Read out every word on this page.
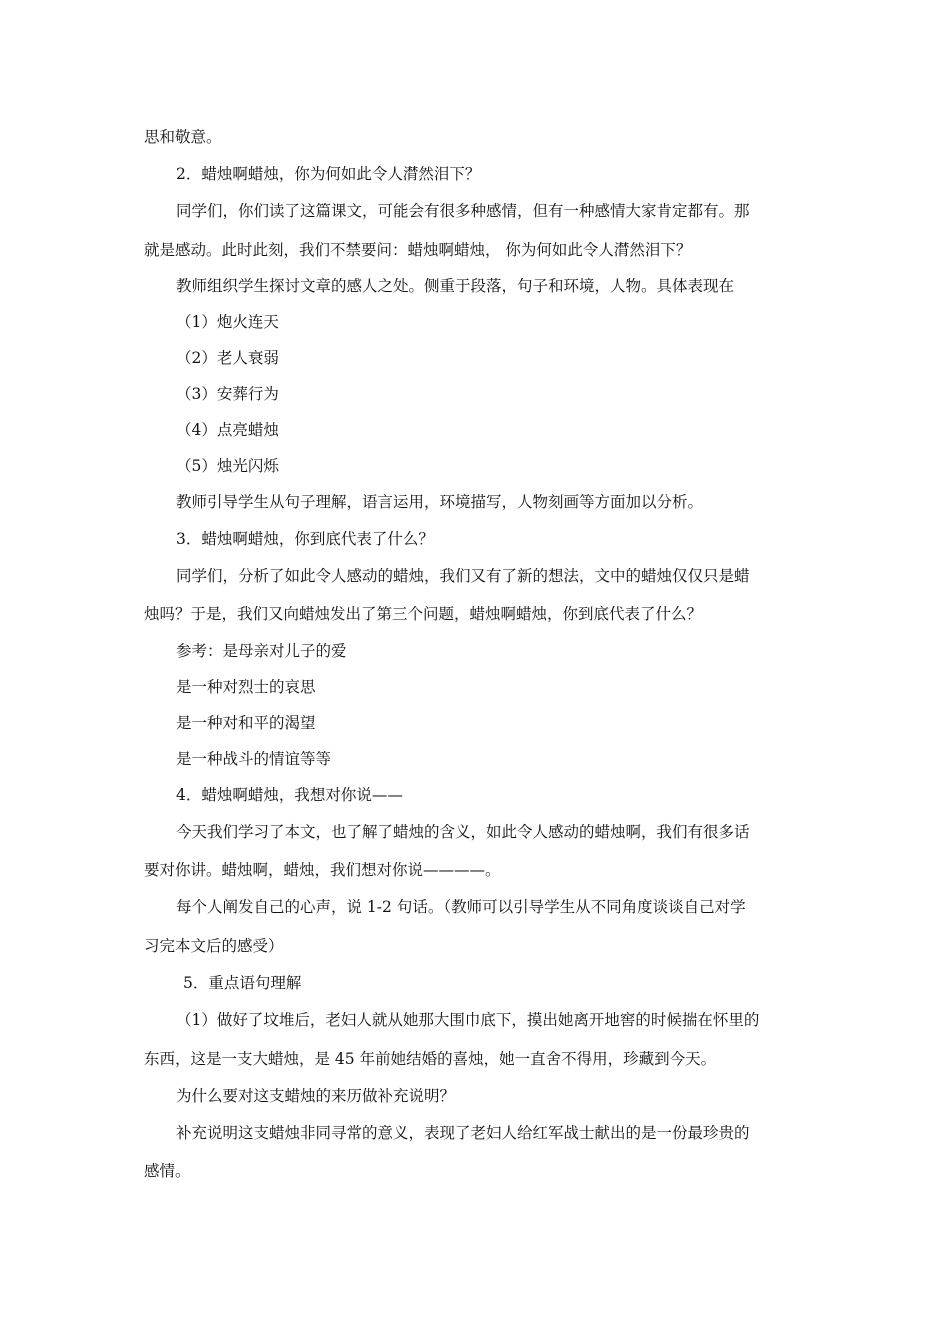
思和敬意。
2．蜡烛啊蜡烛，你为何如此令人潸然泪下？
同学们，你们读了这篇课文，可能会有很多种感情，但有一种感情大家肯定都有。那
就是感动。此时此刻，我们不禁要问：蜡烛啊蜡烛， 你为何如此令人潸然泪下？
教师组织学生探讨文章的感人之处。侧重于段落，句子和环境，人物。具体表现在
（1）炮火连天
（2）老人衰弱
（3）安葬行为
（4）点亮蜡烛
（5）烛光闪烁
教师引导学生从句子理解，语言运用，环境描写，人物刻画等方面加以分析。
3．蜡烛啊蜡烛，你到底代表了什么？
同学们，分析了如此令人感动的蜡烛，我们又有了新的想法，文中的蜡烛仅仅只是蜡
烛吗？于是，我们又向蜡烛发出了第三个问题，蜡烛啊蜡烛，你到底代表了什么？
参考：是母亲对儿子的爱
是一种对烈士的哀思
是一种对和平的渴望
是一种战斗的情谊等等
4．蜡烛啊蜡烛，我想对你说——
今天我们学习了本文，也了解了蜡烛的含义，如此令人感动的蜡烛啊，我们有很多话
要对你讲。蜡烛啊，蜡烛，我们想对你说————。
每个人阐发自己的心声，说 1-2 句话。（教师可以引导学生从不同角度谈谈自己对学
习完本文后的感受）
5．重点语句理解
（1）做好了坟堆后，老妇人就从她那大围巾底下，摸出她离开地窖的时候揣在怀里的
东西，这是一支大蜡烛，是 45 年前她结婚的喜烛，她一直舍不得用，珍藏到今天。
为什么要对这支蜡烛的来历做补充说明？
补充说明这支蜡烛非同寻常的意义，表现了老妇人给红军战士献出的是一份最珍贵的
感情。
